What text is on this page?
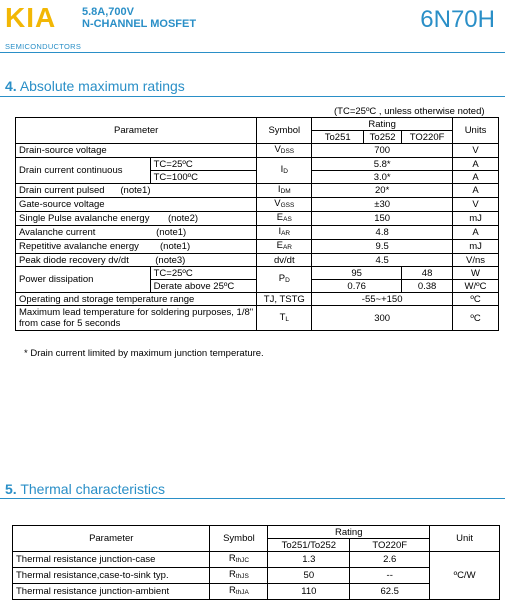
KIA
SEMICONDUCTORS
5.8A,700V
N-CHANNEL MOSFET	6N70H
4. Absolute maximum ratings
(TC=25ºC , unless otherwise noted)
Parameter		Symbol	Rating			Units
			To251	To252	TO220F	
Drain-source voltage		VDSS	700			V
Drain current continuous	TC=25ºC	ID	5.8*			A
	TC=100ºC		3.0*			A
Drain current pulsed (note1)		IDM	20*			A
Gate-source voltage		VGSS	±30			V
Single Pulse avalanche energy (note2)		EAS	150			mJ
Avalanche current (note1)		IAR	4.8			A
Repetitive avalanche energy (note1)		EAR	9.5			mJ
Peak diode recovery dv/dt (note3)		dv/dt	4.5			V/ns
Power dissipation	TC=25ºC	PD	95		48	W
	Derate above 25ºC		0.76		0.38	W/ºC
Operating and storage temperature range		TJ, TSTG	-55~+150			ºC
Maximum lead temperature for soldering purposes, 1/8" from case for 5 seconds		TL	300			ºC
* Drain current limited by maximum junction temperature.
5. Thermal characteristics
Parameter	Symbol	Rating		Unit
		To251/To252	TO220F	
Thermal resistance junction-case	RthJC	1.3	2.6	ºC/W
Thermal resistance,case-to-sink typ.	RthJS	50	--	
Thermal resistance junction-ambient	RthJA	110	62.5	
